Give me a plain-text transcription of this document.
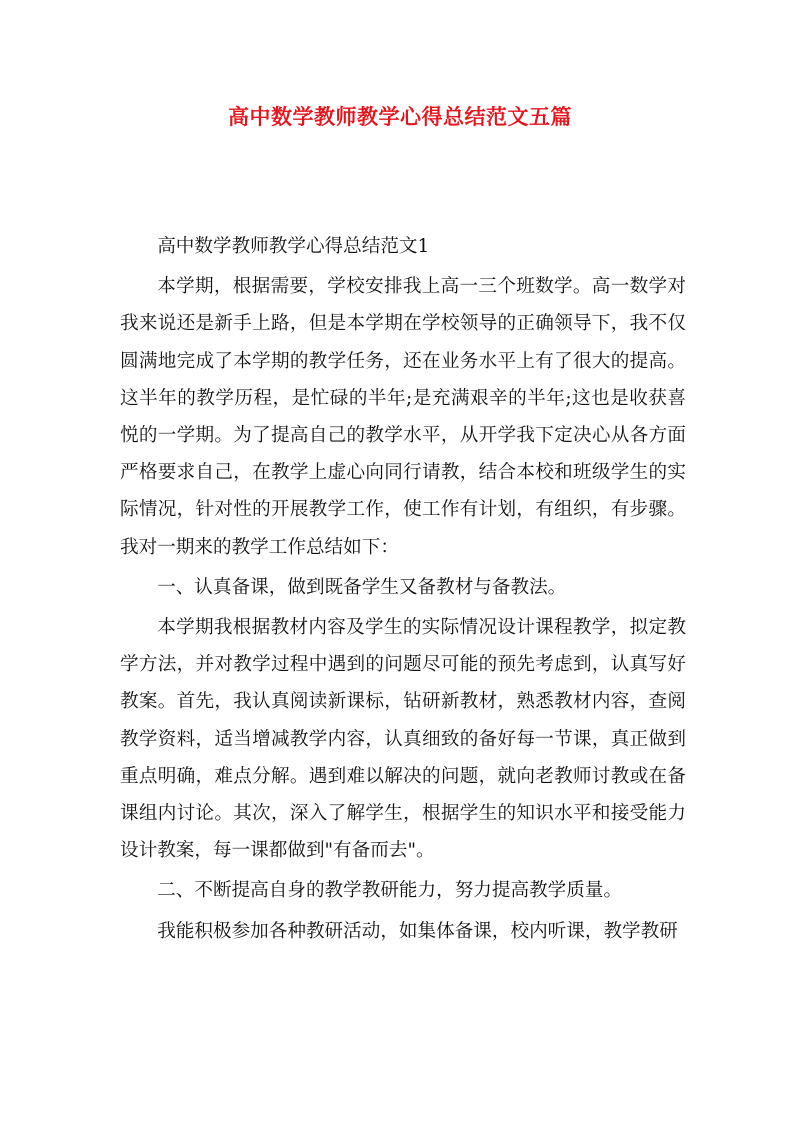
高中数学教师教学心得总结范文五篇

高中数学教师教学心得总结范文1

本学期，根据需要，学校安排我上高一三个班数学。高一数学对我来说还是新手上路，但是本学期在学校领导的正确领导下，我不仅圆满地完成了本学期的教学任务，还在业务水平上有了很大的提高。这半年的教学历程，是忙碌的半年;是充满艰辛的半年;这也是收获喜悦的一学期。为了提高自己的教学水平，从开学我下定决心从各方面严格要求自己，在教学上虚心向同行请教，结合本校和班级学生的实际情况，针对性的开展教学工作，使工作有计划，有组织，有步骤。我对一期来的教学工作总结如下：

一、认真备课，做到既备学生又备教材与备教法。

本学期我根据教材内容及学生的实际情况设计课程教学，拟定教学方法，并对教学过程中遇到的问题尽可能的预先考虑到，认真写好教案。首先，我认真阅读新课标，钻研新教材，熟悉教材内容，查阅教学资料，适当增减教学内容，认真细致的备好每一节课，真正做到重点明确，难点分解。遇到难以解决的问题，就向老教师讨教或在备课组内讨论。其次，深入了解学生，根据学生的知识水平和接受能力设计教案，每一课都做到"有备而去"。

二、不断提高自身的教学教研能力，努力提高教学质量。

我能积极参加各种教研活动，如集体备课，校内听课，教学教研
